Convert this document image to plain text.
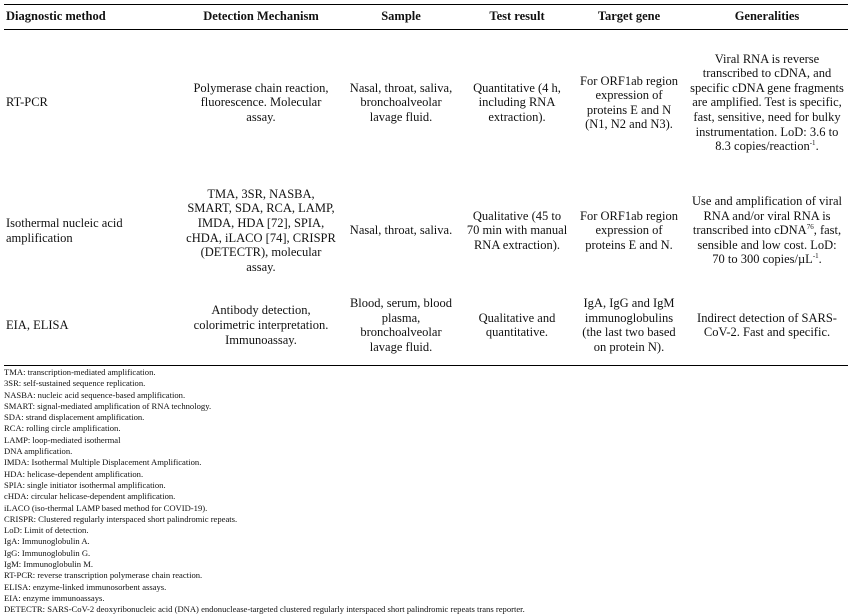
Diagnostic method	Detection Mechanism	Sample	Test result	Target gene	Generalities
RT-PCR	Polymerase chain reaction, fluorescence. Molecular assay.	Nasal, throat, saliva, bronchoalveolar lavage fluid.	Quantitative (4 h, including RNA extraction).	For ORF1ab region expression of proteins E and N (N1, N2 and N3).	Viral RNA is reverse transcribed to cDNA, and specific cDNA gene fragments are amplified. Test is specific, fast, sensitive, need for bulky instrumentation. LoD: 3.6 to 8.3 copies/reaction$^{-1}$.
Isothermal nucleic acid amplification	TMA, 3SR, NASBA, SMART, SDA, RCA, LAMP, IMDA, HDA [72], SPIA, cHDA, iLACO [74], CRISPR (DETECTR), molecular assay.	Nasal, throat, saliva.	Qualitative (45 to 70 min with manual RNA extraction).	For ORF1ab region expression of proteins E and N.	Use and amplification of viral RNA and/or viral RNA is transcribed into cDNA$^{76}$, fast, sensible and low cost. LoD: 70 to 300 copies/µL$^{-1}$.
EIA, ELISA	Antibody detection, colorimetric interpretation. Immunoassay.	Blood, serum, blood plasma, bronchoalveolar lavage fluid.	Qualitative and quantitative.	IgA, IgG and IgM immunoglobulins (the last two based on protein N).	Indirect detection of SARS-CoV-2. Fast and specific.
TMA: transcription-mediated amplification.
3SR: self-sustained sequence replication.
NASBA: nucleic acid sequence-based amplification.
SMART: signal-mediated amplification of RNA technology.
SDA: strand displacement amplification.
RCA: rolling circle amplification.
LAMP: loop-mediated isothermal
DNA amplification.
IMDA: Isothermal Multiple Displacement Amplification.
HDA: helicase-dependent amplification.
SPIA: single initiator isothermal amplification.
cHDA: circular helicase-dependent amplification.
iLACO (iso-thermal LAMP based method for COVID-19).
CRISPR: Clustered regularly interspaced short palindromic repeats.
LoD: Limit of detection.
IgA: Immunoglobulin A.
IgG: Immunoglobulin G.
IgM: Immunoglobulin M.
RT-PCR: reverse transcription polymerase chain reaction.
ELISA: enzyme-linked immunosorbent assays.
EIA: enzyme immunoassays.
DETECTR: SARS-CoV-2 deoxyribonucleic acid (DNA) endonuclease-targeted clustered regularly interspaced short palindromic repeats trans reporter.
